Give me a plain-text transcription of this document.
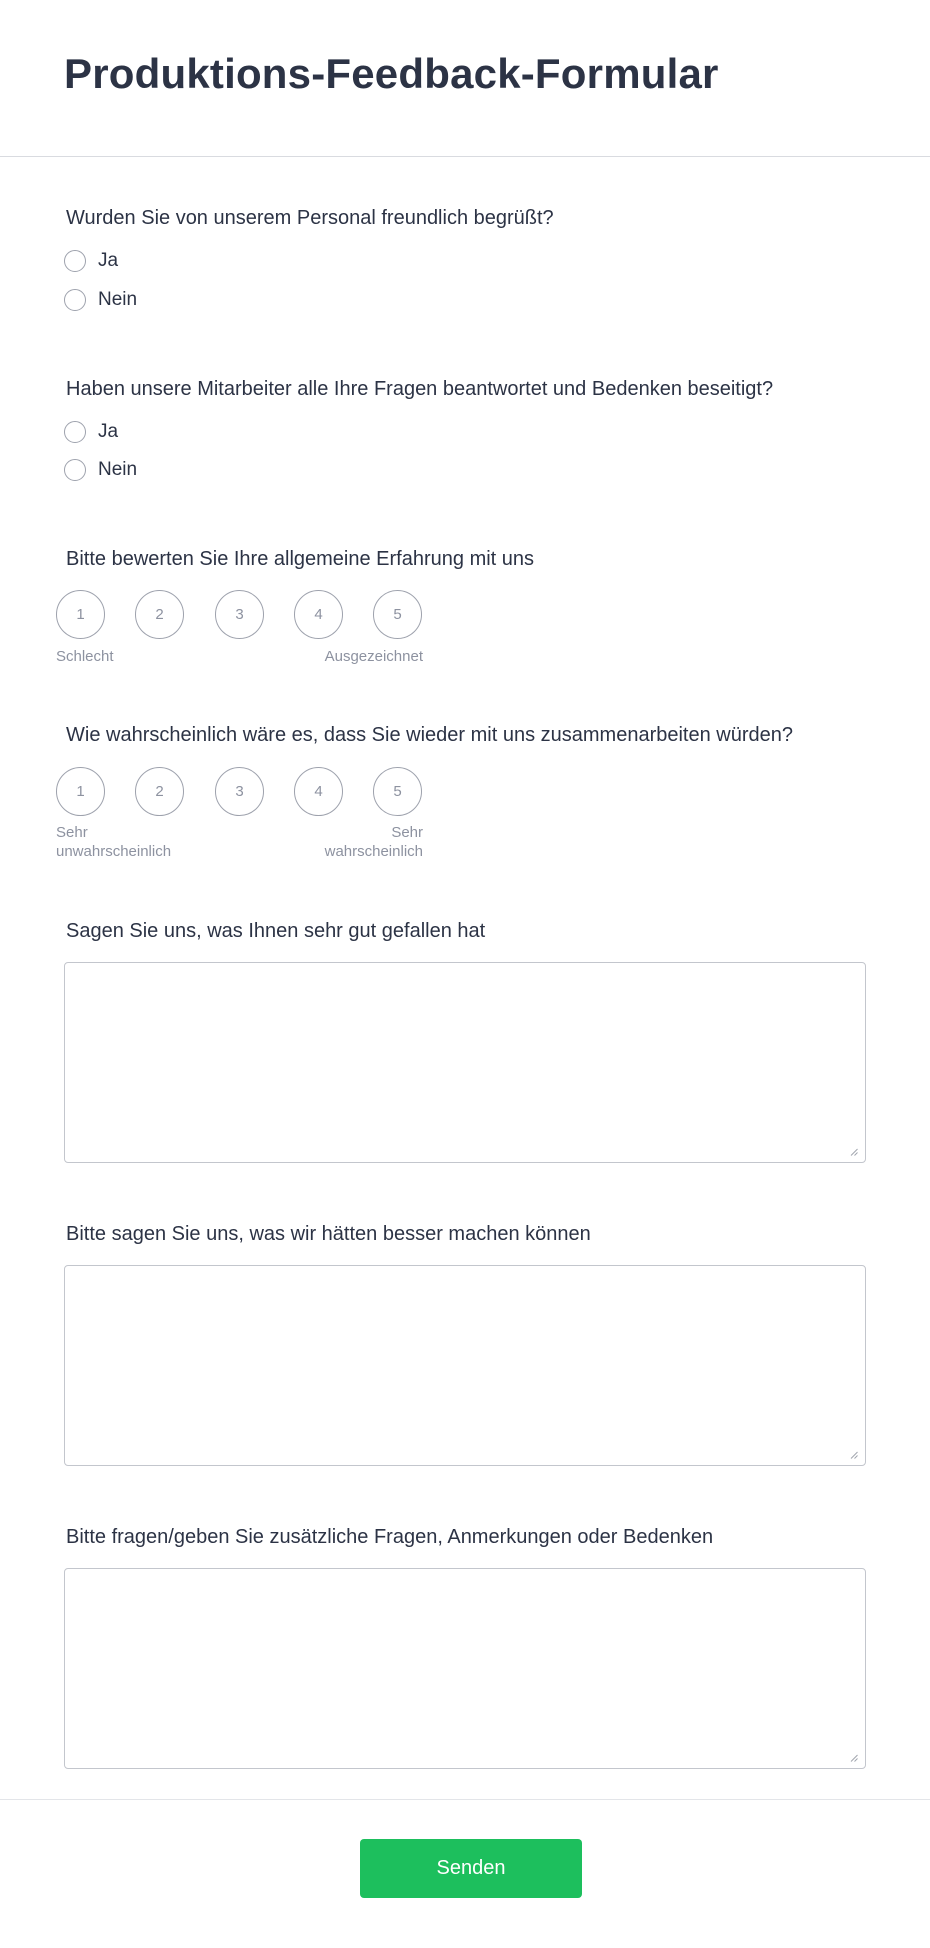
Produktions-Feedback-Formular

Wurden Sie von unserem Personal freundlich begrüßt?

Ja
Nein

Haben unsere Mitarbeiter alle Ihre Fragen beantwortet und Bedenken beseitigt?

Ja
Nein

Bitte bewerten Sie Ihre allgemeine Erfahrung mit uns

1	2	3	4	5
Schlecht	Ausgezeichnet

Wie wahrscheinlich wäre es, dass Sie wieder mit uns zusammenarbeiten würden?

1	2	3	4	5
Sehr
unwahrscheinlich
Sehr
wahrscheinlich

Sagen Sie uns, was Ihnen sehr gut gefallen hat

Bitte sagen Sie uns, was wir hätten besser machen können

Bitte fragen/geben Sie zusätzliche Fragen, Anmerkungen oder Bedenken

Senden
